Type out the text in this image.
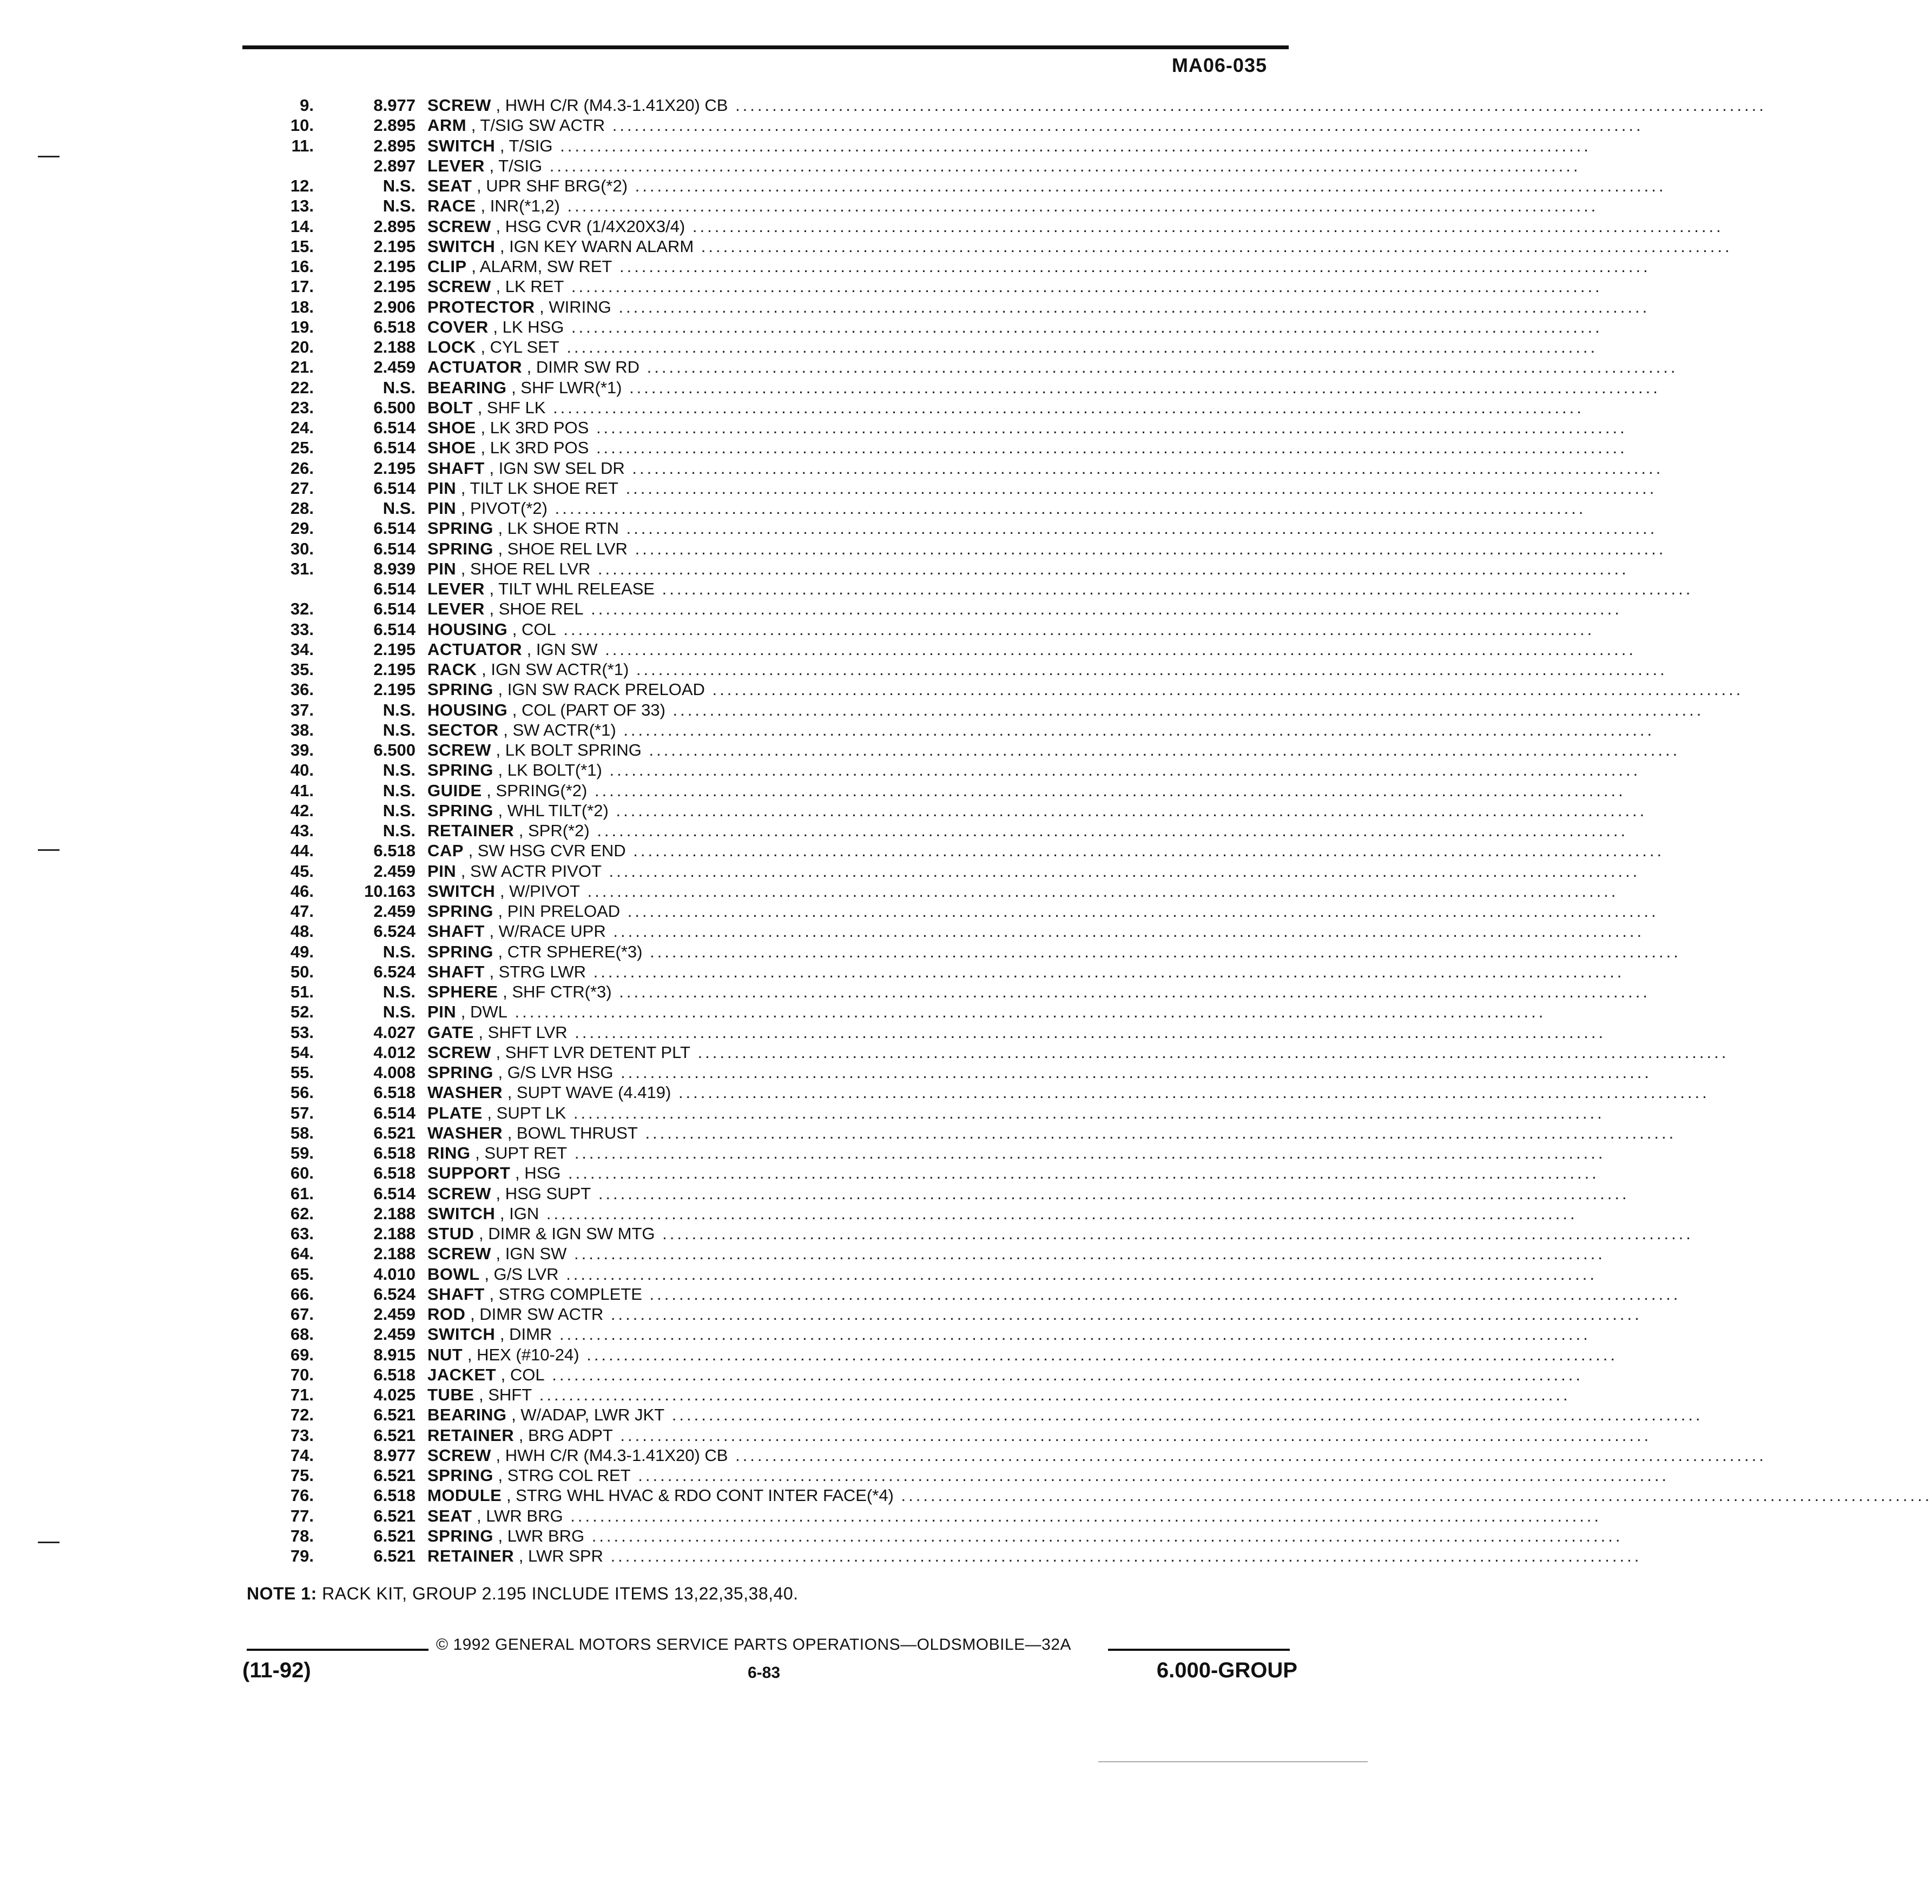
MA06-035
9.	8.977 SCREW , HWH C/R (M4.3-1.41X20) CB ............................................................................................................................................
10.	2.895 ARM , T/SIG SW ACTR ............................................................................................................................................
11.	2.895 SWITCH , T/SIG ............................................................................................................................................
2.897 LEVER , T/SIG ............................................................................................................................................
12.	N.S. SEAT , UPR SHF BRG(*2) ............................................................................................................................................
13.	N.S. RACE , INR(*1,2) ............................................................................................................................................
14.	2.895 SCREW , HSG CVR (1/4X20X3/4) ............................................................................................................................................
15.	2.195 SWITCH , IGN KEY WARN ALARM ............................................................................................................................................
16.	2.195 CLIP , ALARM, SW RET ............................................................................................................................................
17.	2.195 SCREW , LK RET ............................................................................................................................................
18.	2.906 PROTECTOR , WIRING ............................................................................................................................................
19.	6.518 COVER , LK HSG ............................................................................................................................................
20.	2.188 LOCK , CYL SET ............................................................................................................................................
21.	2.459 ACTUATOR , DIMR SW RD ............................................................................................................................................
22.	N.S. BEARING , SHF LWR(*1) ............................................................................................................................................
23.	6.500 BOLT , SHF LK ............................................................................................................................................
24.	6.514 SHOE , LK 3RD POS ............................................................................................................................................
25.	6.514 SHOE , LK 3RD POS ............................................................................................................................................
26.	2.195 SHAFT , IGN SW SEL DR ............................................................................................................................................
27.	6.514 PIN , TILT LK SHOE RET ............................................................................................................................................
28.	N.S. PIN , PIVOT(*2) ............................................................................................................................................
29.	6.514 SPRING , LK SHOE RTN ............................................................................................................................................
30.	6.514 SPRING , SHOE REL LVR ............................................................................................................................................
31.	8.939 PIN , SHOE REL LVR ............................................................................................................................................
6.514 LEVER , TILT WHL RELEASE ............................................................................................................................................
32.	6.514 LEVER , SHOE REL ............................................................................................................................................
33.	6.514 HOUSING , COL ............................................................................................................................................
34.	2.195 ACTUATOR , IGN SW ............................................................................................................................................
35.	2.195 RACK , IGN SW ACTR(*1) ............................................................................................................................................
36.	2.195 SPRING , IGN SW RACK PRELOAD ............................................................................................................................................
37.	N.S. HOUSING , COL (PART OF 33) ............................................................................................................................................
38.	N.S. SECTOR , SW ACTR(*1) ............................................................................................................................................
39.	6.500 SCREW , LK BOLT SPRING ............................................................................................................................................
40.	N.S. SPRING , LK BOLT(*1) ............................................................................................................................................
41.	N.S. GUIDE , SPRING(*2) ............................................................................................................................................
42.	N.S. SPRING , WHL TILT(*2) ............................................................................................................................................
43.	N.S. RETAINER , SPR(*2) ............................................................................................................................................
44.	6.518 CAP , SW HSG CVR END ............................................................................................................................................
45.	2.459 PIN , SW ACTR PIVOT ............................................................................................................................................
46.	10.163 SWITCH , W/PIVOT ............................................................................................................................................
47.	2.459 SPRING , PIN PRELOAD ............................................................................................................................................
48.	6.524 SHAFT , W/RACE UPR ............................................................................................................................................
49.	N.S. SPRING , CTR SPHERE(*3) ............................................................................................................................................
50.	6.524 SHAFT , STRG LWR ............................................................................................................................................
51.	N.S. SPHERE , SHF CTR(*3) ............................................................................................................................................
52.	N.S. PIN , DWL ............................................................................................................................................
53.	4.027 GATE , SHFT LVR ............................................................................................................................................
54.	4.012 SCREW , SHFT LVR DETENT PLT ............................................................................................................................................
55.	4.008 SPRING , G/S LVR HSG ............................................................................................................................................
56.	6.518 WASHER , SUPT WAVE (4.419) ............................................................................................................................................
57.	6.514 PLATE , SUPT LK ............................................................................................................................................
58.	6.521 WASHER , BOWL THRUST ............................................................................................................................................
59.	6.518 RING , SUPT RET ............................................................................................................................................
60.	6.518 SUPPORT , HSG ............................................................................................................................................
61.	6.514 SCREW , HSG SUPT ............................................................................................................................................
62.	2.188 SWITCH , IGN ............................................................................................................................................
63.	2.188 STUD , DIMR & IGN SW MTG ............................................................................................................................................
64.	2.188 SCREW , IGN SW ............................................................................................................................................
65.	4.010 BOWL , G/S LVR ............................................................................................................................................
66.	6.524 SHAFT , STRG COMPLETE ............................................................................................................................................
67.	2.459 ROD , DIMR SW ACTR ............................................................................................................................................
68.	2.459 SWITCH , DIMR ............................................................................................................................................
69.	8.915 NUT , HEX (#10-24) ............................................................................................................................................
70.	6.518 JACKET , COL ............................................................................................................................................
71.	4.025 TUBE , SHFT ............................................................................................................................................
72.	6.521 BEARING , W/ADAP, LWR JKT ............................................................................................................................................
73.	6.521 RETAINER , BRG ADPT ............................................................................................................................................
74.	8.977 SCREW , HWH C/R (M4.3-1.41X20) CB ............................................................................................................................................
75.	6.521 SPRING , STRG COL RET ............................................................................................................................................
76.	6.518 MODULE , STRG WHL HVAC & RDO CONT INTER FACE(*4) ............................................................................................................................................
77.	6.521 SEAT , LWR BRG ............................................................................................................................................
78.	6.521 SPRING , LWR BRG ............................................................................................................................................
79.	6.521 RETAINER , LWR SPR ............................................................................................................................................
NOTE 1: RACK KIT, GROUP 2.195 INCLUDE ITEMS 13,22,35,38,40.
© 1992 GENERAL MOTORS SERVICE PARTS OPERATIONS—OLDSMOBILE—32A
(11-92)	6-83	6.000-GROUP
